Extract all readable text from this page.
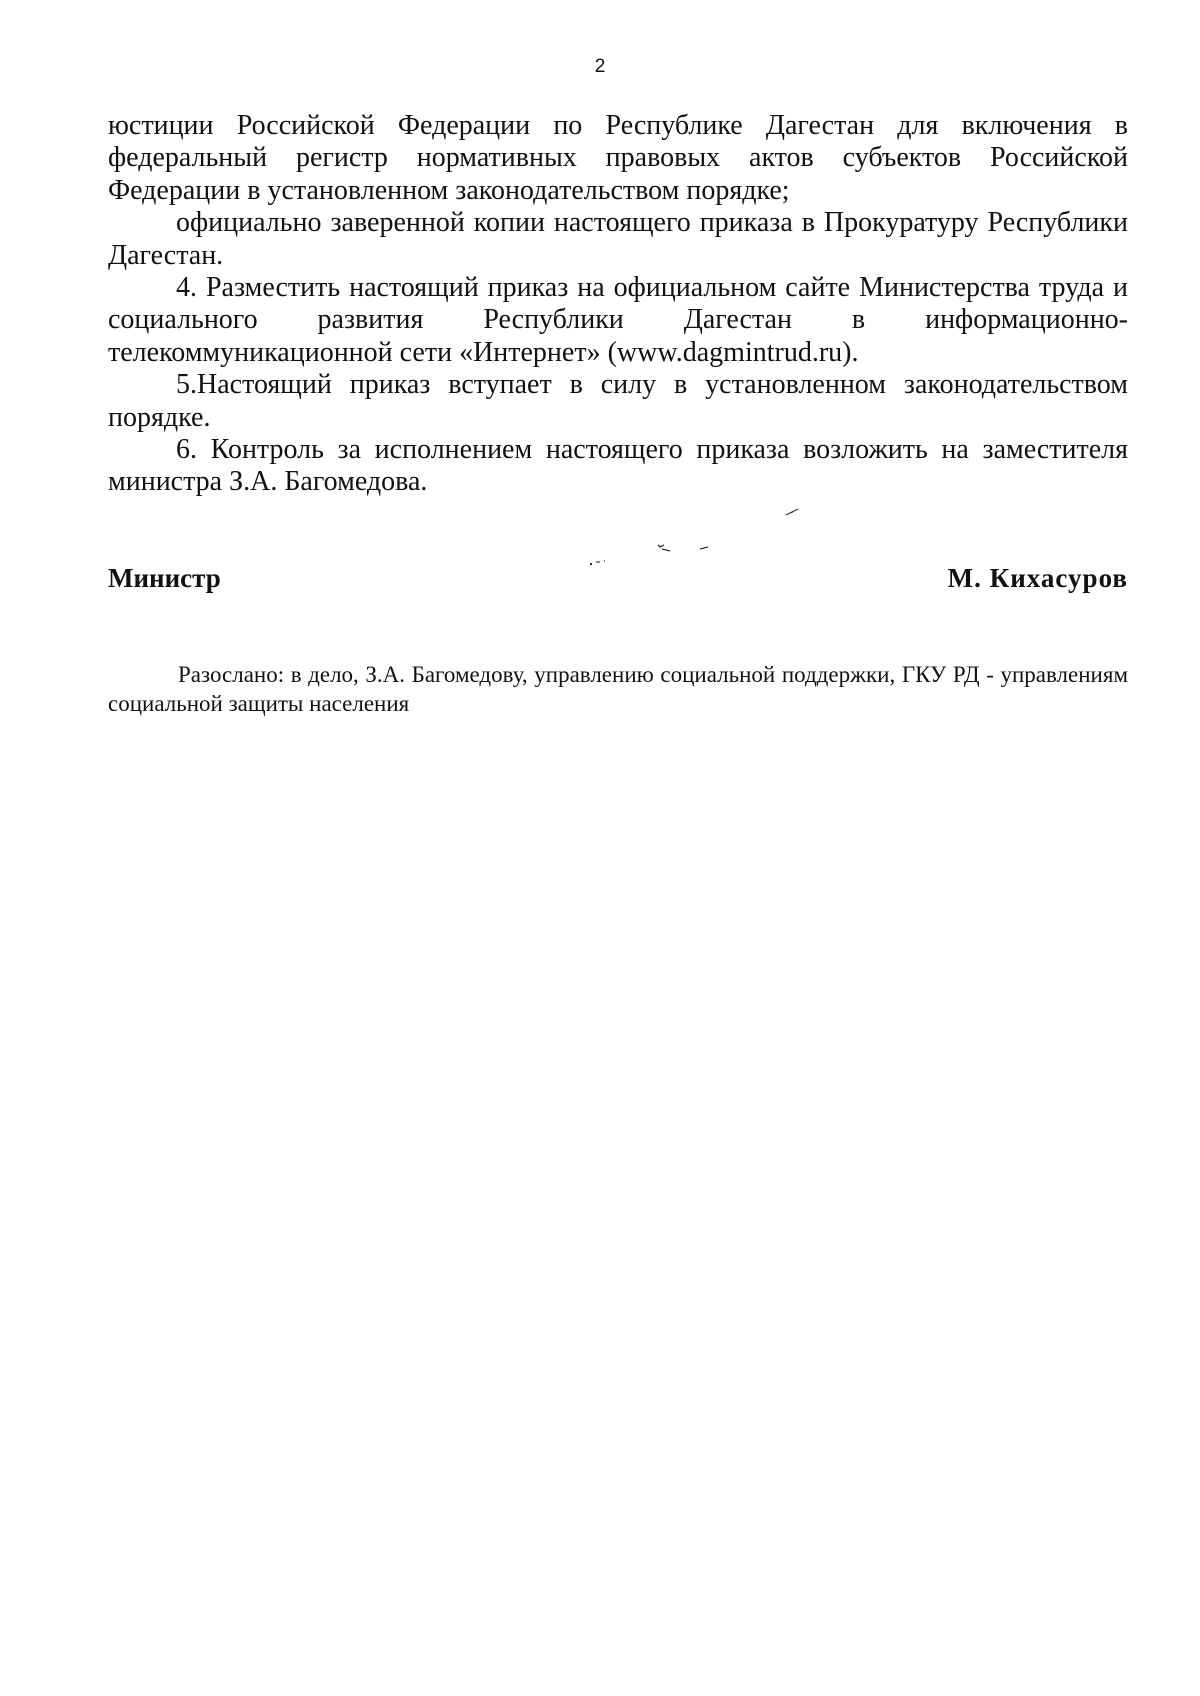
2

юстиции Российской Федерации по Республике Дагестан для включения в
федеральный регистр нормативных правовых актов субъектов Российской
Федерации в установленном законодательством порядке;

официально заверенной копии настоящего приказа в Прокуратуру Республики Дагестан.

4. Разместить настоящий приказ на официальном сайте Министерства труда и социального развития Республики Дагестан в информационно-телекоммуникационной сети «Интернет» (www.dagmintrud.ru).

5.Настоящий приказ вступает в силу в установленном законодательством порядке.

6. Контроль за исполнением настоящего приказа возложить на заместителя министра З.А. Багомедова.

Министр	М. Кихасуров

Разослано: в дело, З.А. Багомедову, управлению социальной поддержки, ГКУ РД - управлениям социальной защиты населения
